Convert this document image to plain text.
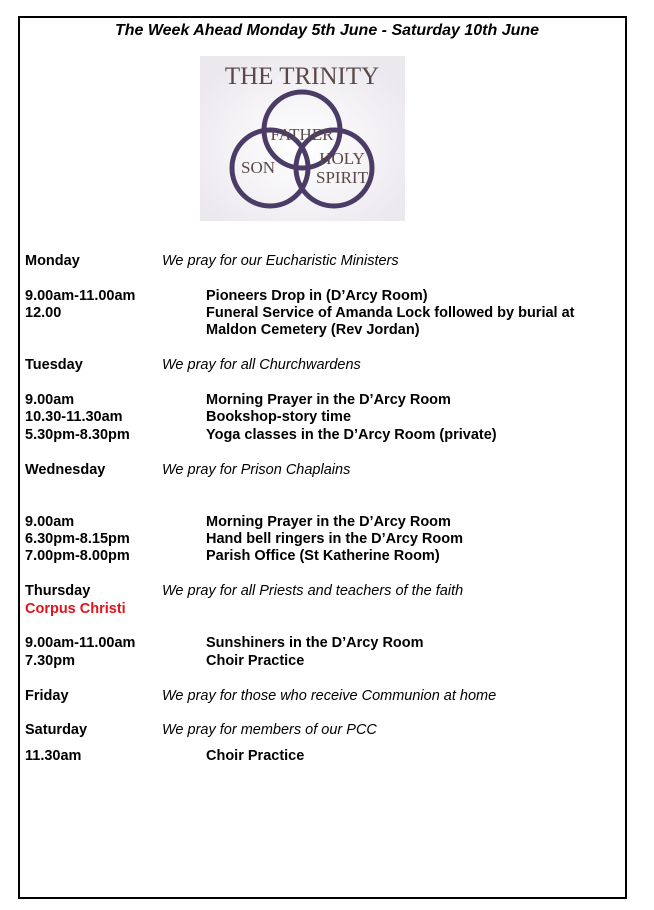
The Week Ahead Monday 5th June - Saturday 10th June
THE TRINITY
FATHER
SON	HOLY
SPIRIT
Monday	We pray for our Eucharistic Ministers
9.00am-11.00am	Pioneers Drop in (D’Arcy Room)
12.00	Funeral Service of Amanda Lock followed by burial at Maldon Cemetery (Rev Jordan)
Tuesday	We pray for all Churchwardens
9.00am	Morning Prayer in the D’Arcy Room
10.30-11.30am	Bookshop-story time
5.30pm-8.30pm	Yoga classes in the D’Arcy Room (private)
Wednesday	We pray for Prison Chaplains
9.00am	Morning Prayer in the D’Arcy Room
6.30pm-8.15pm	Hand bell ringers in the D’Arcy Room
7.00pm-8.00pm	Parish Office (St Katherine Room)
Thursday	We pray for all Priests and teachers of the faith
Corpus Christi
9.00am-11.00am	Sunshiners in the D’Arcy Room
7.30pm	Choir Practice
Friday	We pray for those who receive Communion at home
Saturday	We pray for members of our PCC
11.30am	Choir Practice
